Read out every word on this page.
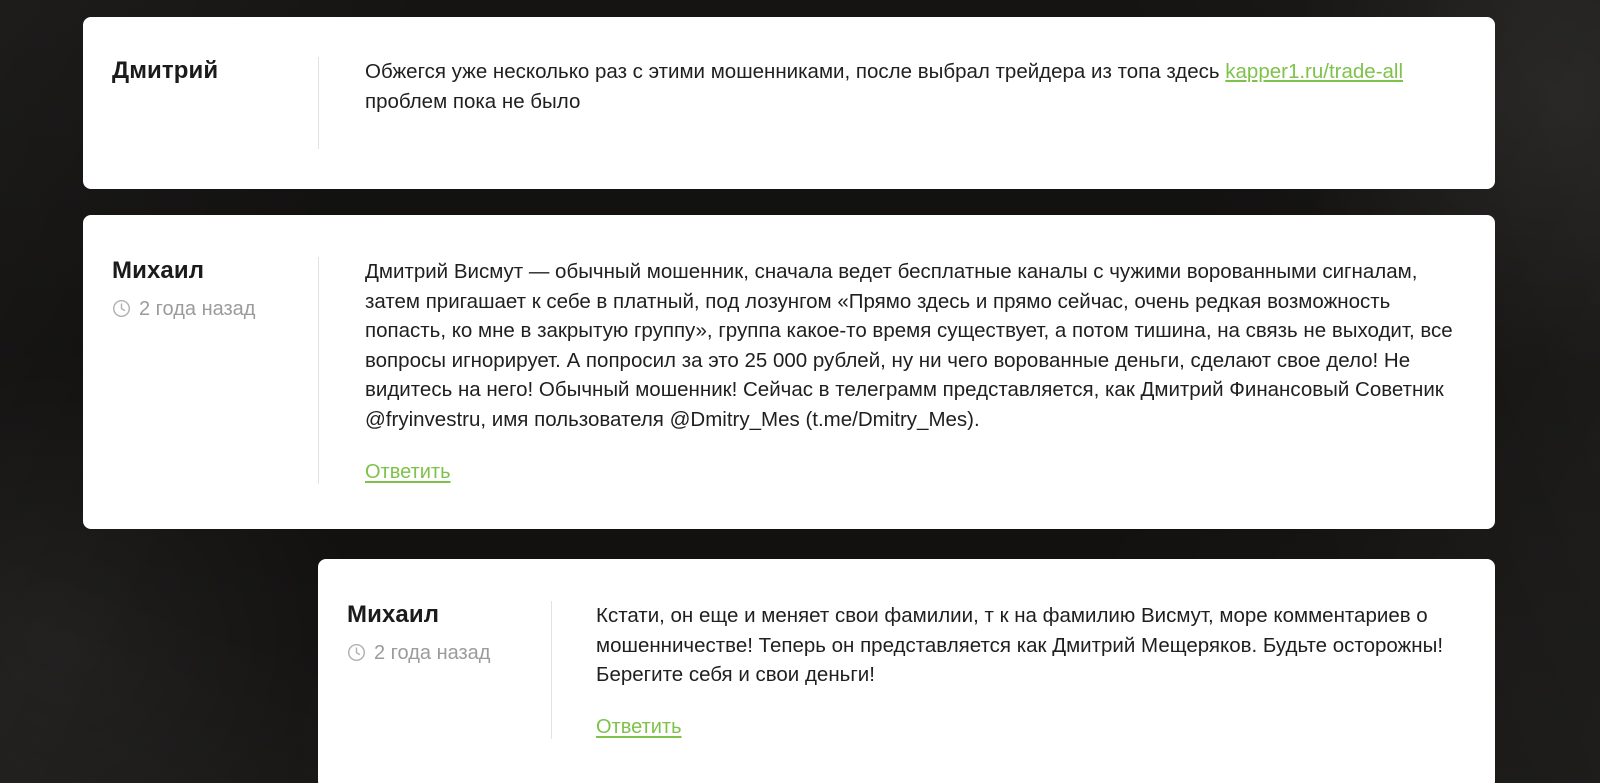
Дмитрий	Обжегся уже несколько раз с этими мошенниками, после выбрал трейдера из топа здесь kapper1.ru/trade-all проблем пока не было
Михаил
2 года назад
Дмитрий Висмут — обычный мошенник, сначала ведет бесплатные каналы с чужими ворованными сигналам, затем пригашает к себе в платный, под лозунгом «Прямо здесь и прямо сейчас, очень редкая возможность попасть, ко мне в закрытую группу», группа какое-то время существует, а потом тишина, на связь не выходит, все вопросы игнорирует. А попросил за это 25 000 рублей, ну ни чего ворованные деньги, сделают свое дело! Не видитесь на него! Обычный мошенник! Сейчас в телеграмм представляется, как Дмитрий Финансовый Советник @fryinvestru, имя пользователя @Dmitry_Mes (t.me/Dmitry_Mes).
Ответить
Михаил
2 года назад
Кстати, он еще и меняет свои фамилии, т к на фамилию Висмут, море комментариев о мошенничестве! Теперь он представляется как Дмитрий Мещеряков. Будьте осторожны! Берегите себя и свои деньги!
Ответить
